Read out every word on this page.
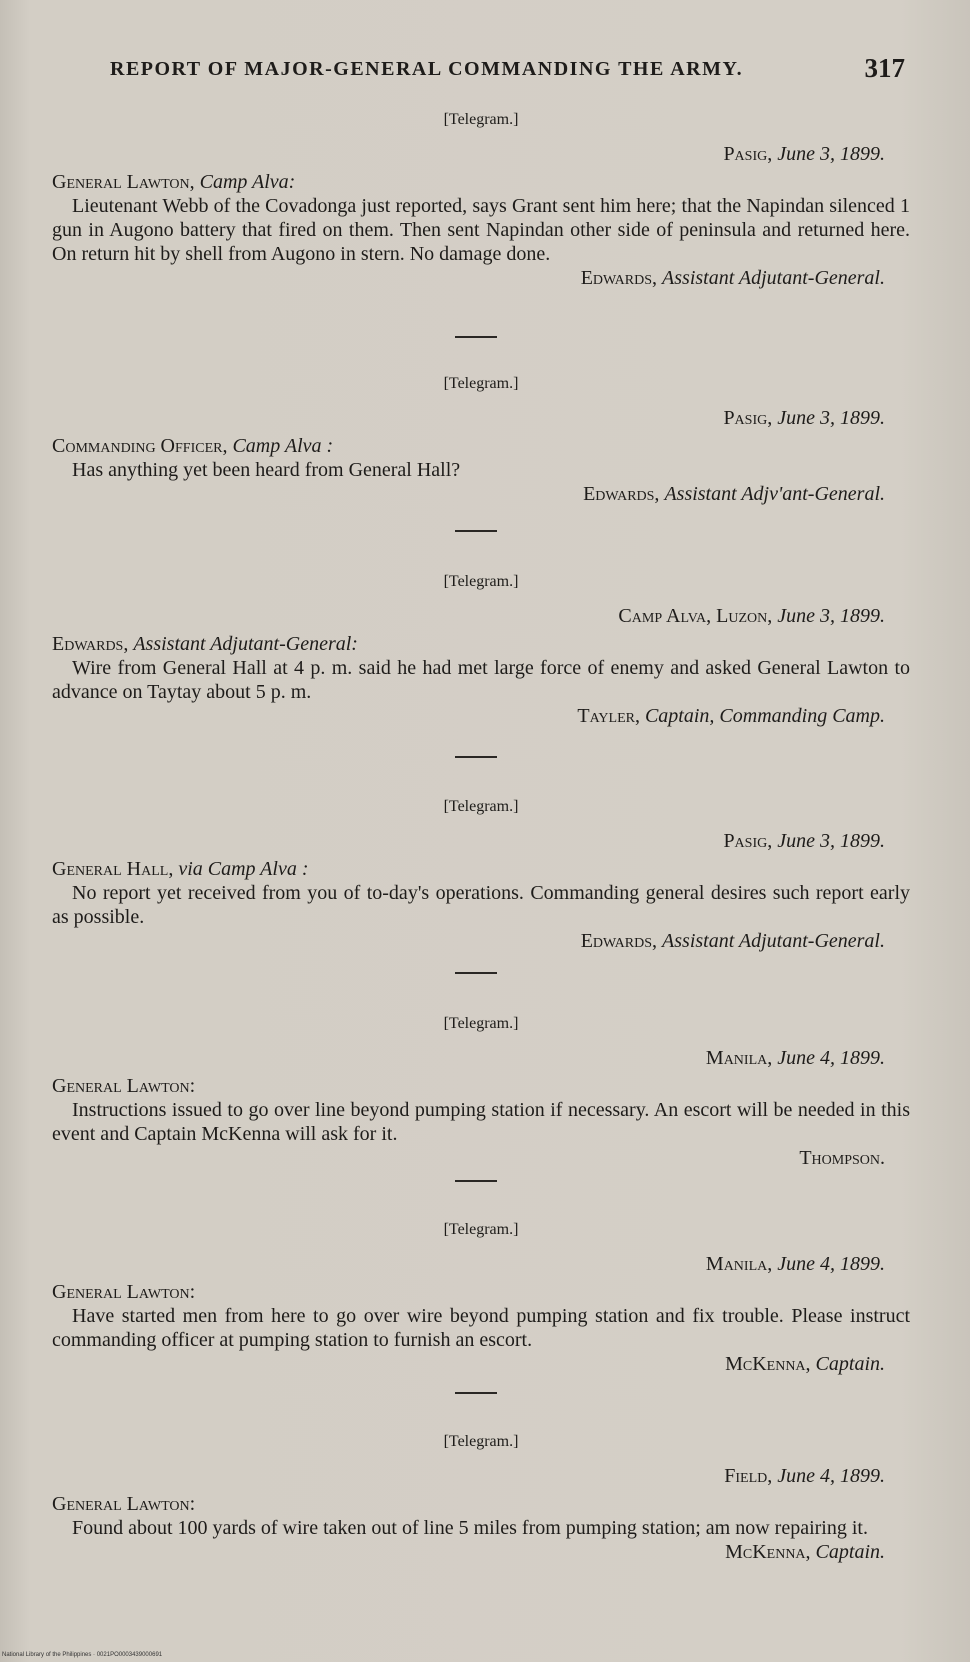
REPORT OF MAJOR-GENERAL COMMANDING THE ARMY.	317
[Telegram.]
Pasig, June 3, 1899.
General Lawton, Camp Alva:
Lieutenant Webb of the Covadonga just reported, says Grant sent him here; that the Napindan silenced 1 gun in Augono battery that fired on them. Then sent Napindan other side of peninsula and returned here. On return hit by shell from Augono in stern. No damage done.
Edwards, Assistant Adjutant-General.
[Telegram.]
Pasig, June 3, 1899.
Commanding Officer, Camp Alva :
Has anything yet been heard from General Hall?
Edwards, Assistant Adjv'ant-General.
[Telegram.]
Camp Alva, Luzon, June 3, 1899.
Edwards, Assistant Adjutant-General:
Wire from General Hall at 4 p. m. said he had met large force of enemy and asked General Lawton to advance on Taytay about 5 p. m.
Tayler, Captain, Commanding Camp.
[Telegram.]
Pasig, June 3, 1899.
General Hall, via Camp Alva :
No report yet received from you of to-day's operations. Commanding general desires such report early as possible.
Edwards, Assistant Adjutant-General.
[Telegram.]
Manila, June 4, 1899.
General Lawton:
Instructions issued to go over line beyond pumping station if necessary. An escort will be needed in this event and Captain McKenna will ask for it.
Thompson.
[Telegram.]
Manila, June 4, 1899.
General Lawton:
Have started men from here to go over wire beyond pumping station and fix trouble. Please instruct commanding officer at pumping station to furnish an escort.
McKenna, Captain.
[Telegram.]
Field, June 4, 1899.
General Lawton:
Found about 100 yards of wire taken out of line 5 miles from pumping station; am now repairing it.
McKenna, Captain.
National Library of the Philippines · 0021PO0003439000691
